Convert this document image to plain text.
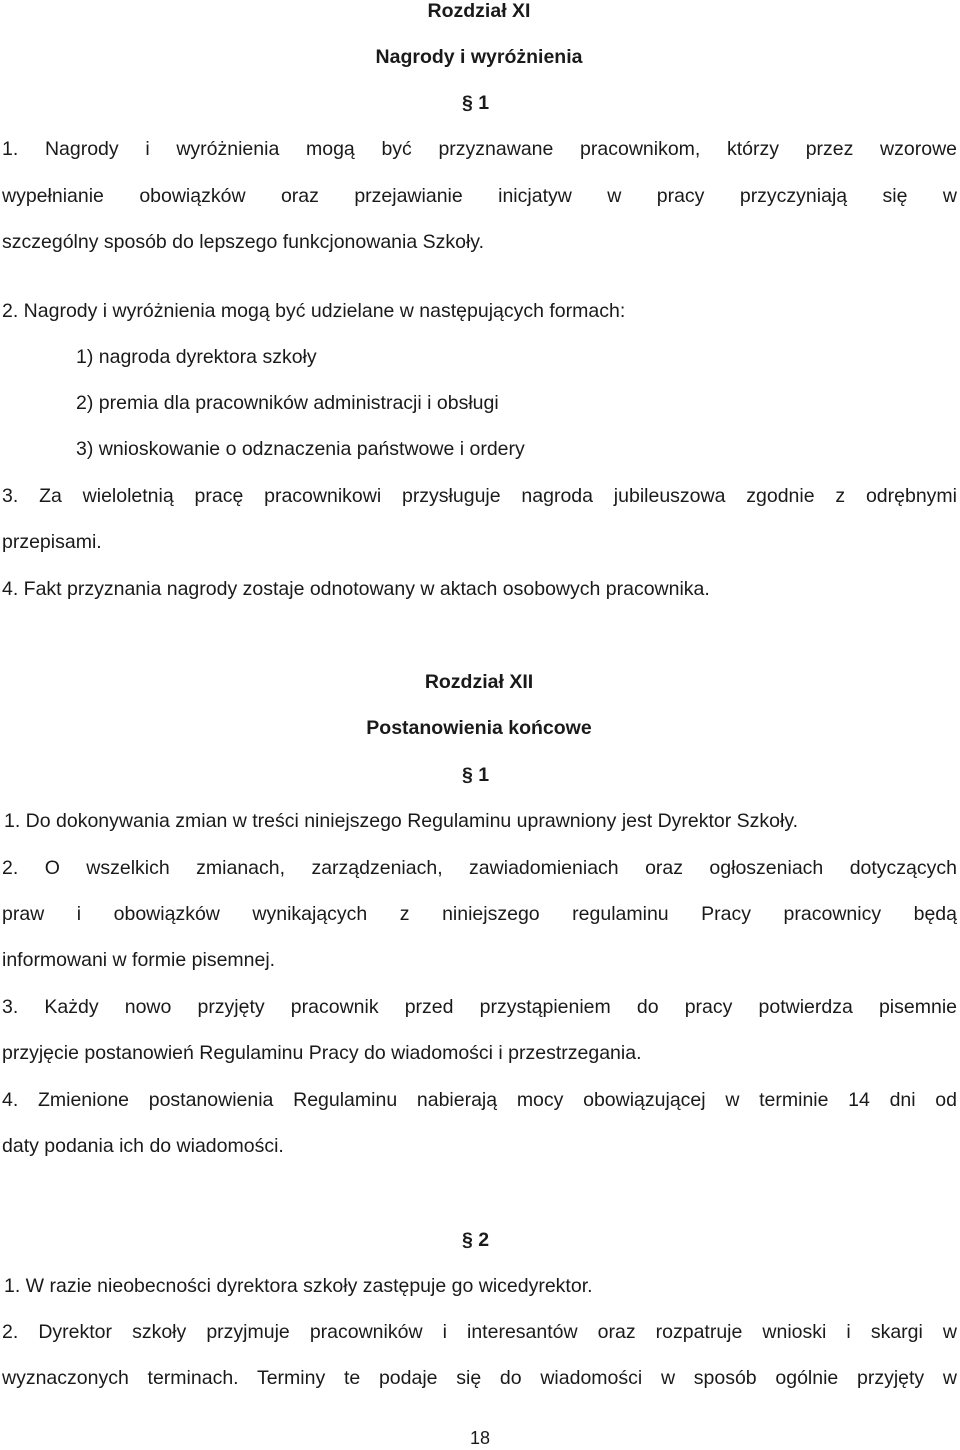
Rozdział XI
Nagrody i wyróżnienia
§ 1
1. Nagrody i wyróżnienia mogą być przyznawane pracownikom, którzy przez wzorowe
wypełnianie obowiązków oraz przejawianie inicjatyw w pracy przyczyniają się w
szczególny sposób do lepszego funkcjonowania Szkoły.
2. Nagrody i wyróżnienia mogą być udzielane w następujących formach:
1) nagroda dyrektora szkoły
2) premia dla pracowników administracji i obsługi
3) wnioskowanie o odznaczenia państwowe i ordery
3. Za wieloletnią pracę pracownikowi przysługuje nagroda jubileuszowa zgodnie z odrębnymi
przepisami.
4. Fakt przyznania nagrody zostaje odnotowany w aktach osobowych pracownika.
Rozdział XII
Postanowienia końcowe
§ 1
1. Do dokonywania zmian w treści niniejszego Regulaminu uprawniony jest Dyrektor Szkoły.
2. O wszelkich zmianach, zarządzeniach, zawiadomieniach oraz ogłoszeniach dotyczących
praw i obowiązków wynikających z niniejszego regulaminu Pracy pracownicy będą
informowani w formie pisemnej.
3. Każdy nowo przyjęty pracownik przed przystąpieniem do pracy potwierdza pisemnie
przyjęcie postanowień Regulaminu Pracy do wiadomości i przestrzegania.
4. Zmienione postanowienia Regulaminu nabierają mocy obowiązującej w terminie 14 dni od
daty podania ich do wiadomości.
§ 2
1. W razie nieobecności dyrektora szkoły zastępuje go wicedyrektor.
2. Dyrektor szkoły przyjmuje pracowników i interesantów oraz rozpatruje wnioski i skargi w
wyznaczonych terminach. Terminy te podaje się do wiadomości w sposób ogólnie przyjęty w
18
